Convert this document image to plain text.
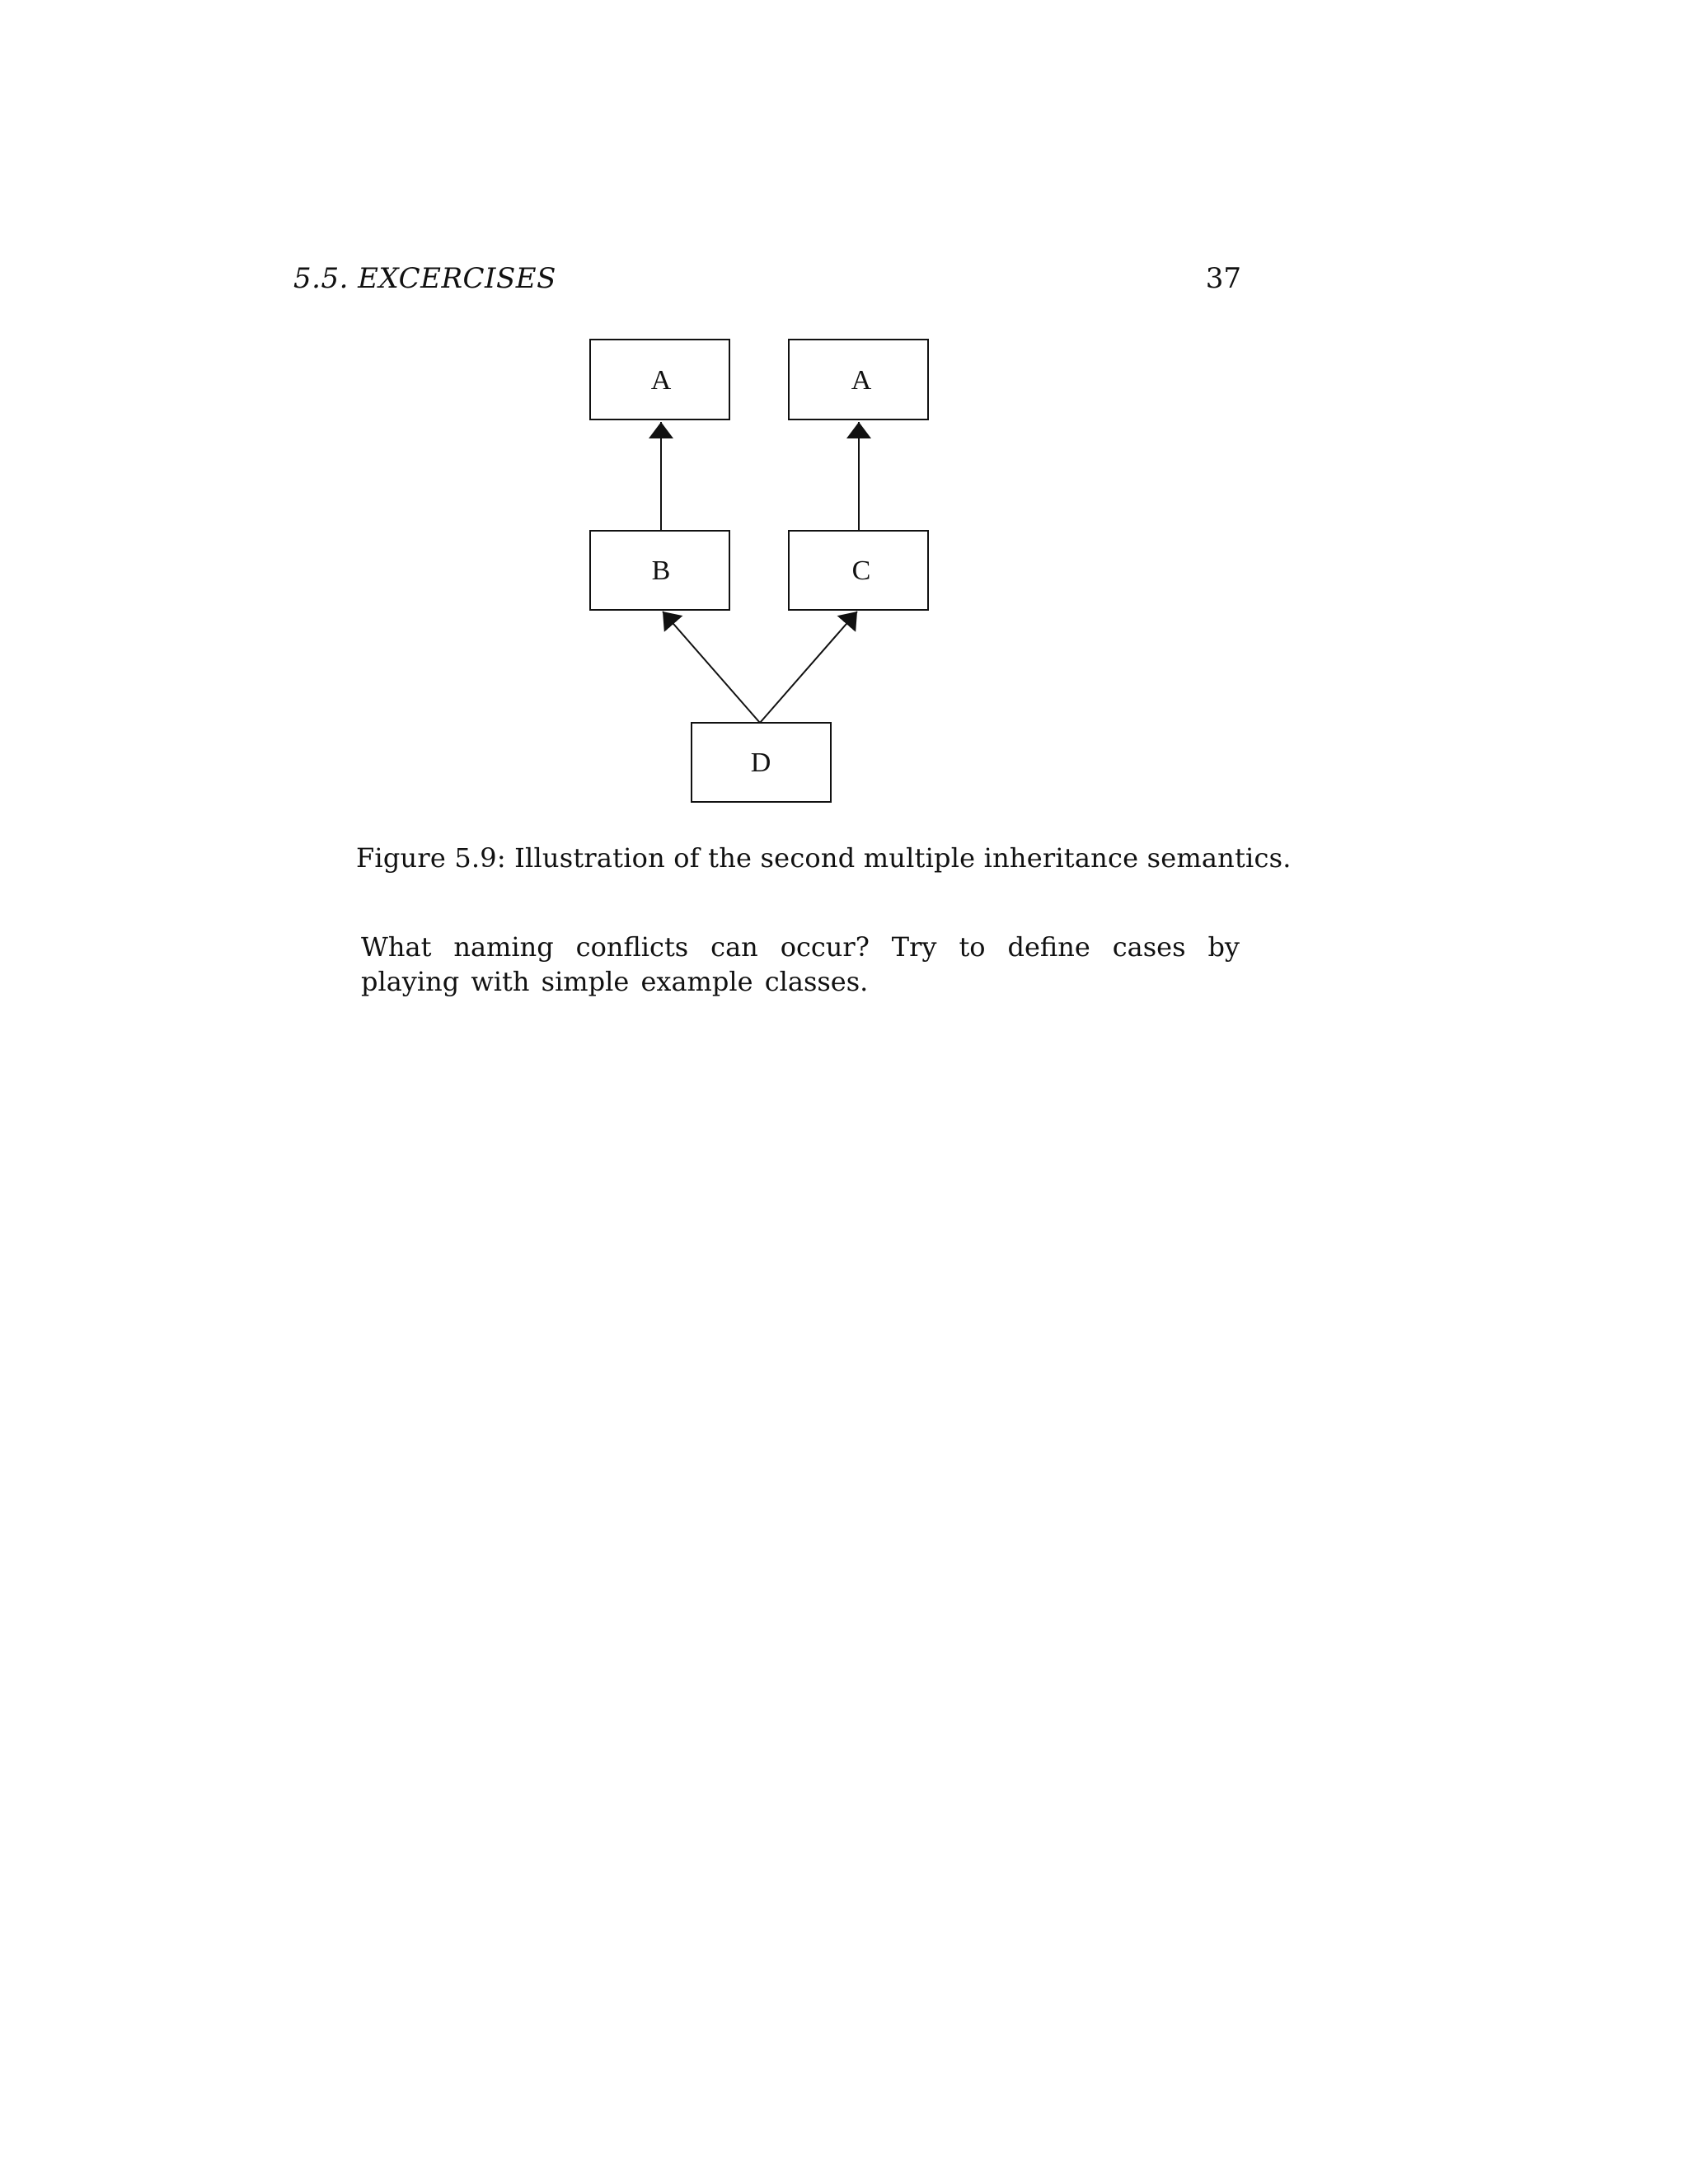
5.5. EXCERCISES	37
A	A
B	C
D
Figure 5.9: Illustration of the second multiple inheritance semantics.
What naming conflicts can occur? Try to define cases by playing with simple example classes.
